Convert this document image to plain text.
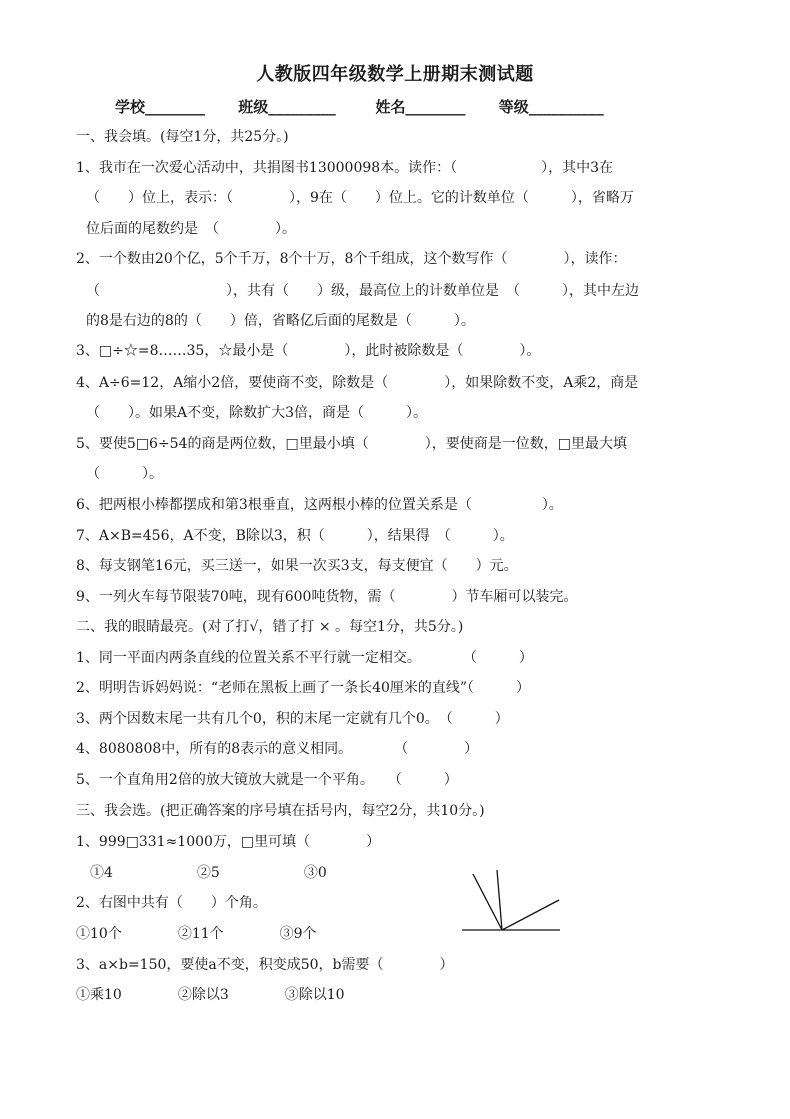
人教版四年级数学上册期末测试题
学校________ 班级_________	姓名________ 等级__________
一、我会填。(每空1分，共25分。)
1、我市在一次爱心活动中，共捐图书13000098本。读作：（　　　　　　），其中3在
（　　）位上，表示：（　　　　），9在（　　）位上。它的计数单位（　　　），省略万
位后面的尾数约是　（　　　　）。
2、一个数由20个亿，5个千万，8个十万，8个千组成，这个数写作（　　　　），读作：
（　　　　　　　　　），共有（　　）级，最高位上的计数单位是　（　　　），其中左边
的8是右边的8的（　　）倍，省略亿后面的尾数是（　　　）。
3、□÷☆=8……35，☆最小是（　　　　），此时被除数是（　　　　）。
4、A÷6=12，A缩小2倍，要使商不变，除数是（　　　　），如果除数不变，A乘2，商是
（　　）。如果A不变，除数扩大3倍，商是（　　　）。
5、要使5□6÷54的商是两位数，□里最小填（　　　　），要使商是一位数，□里最大填
（　　　）。
6、把两根小棒都摆成和第3根垂直，这两根小棒的位置关系是（　　　　　）。
7、A×B=456，A不变，B除以3，积（　　　），结果得　（　　　）。
8、每支钢笔16元，买三送一，如果一次买3支，每支便宜（　　）元。
9、一列火车每节限装70吨，现有600吨货物，需（　　　　）节车厢可以装完。
二、我的眼睛最亮。(对了打√，错了打 × 。每空1分，共5分。)
1、同一平面内两条直线的位置关系不平行就一定相交。　　　　（　　　）
2、明明告诉妈妈说：“老师在黑板上画了一条长40厘米的直线”（　　　）
3、两个因数末尾一共有几个0，积的末尾一定就有几个0。　（　　　）
4、8080808中，所有的8表示的意义相同。　　　　（　　　　）
5、一个直角用2倍的放大镜放大就是一个平角。　　（　　　）
三、我会选。(把正确答案的序号填在括号内，每空2分，共10分。)
1、999□331≈1000万，□里可填（　　　　）
　①4　　　　　　②5　　　　　　③0
2、右图中共有（　　）个角。
①10个　　　　②11个　　　　③9个
3、a×b=150，要使a不变，积变成50，b需要（　　　　）
①乘10　　　　②除以3　　　　③除以10
